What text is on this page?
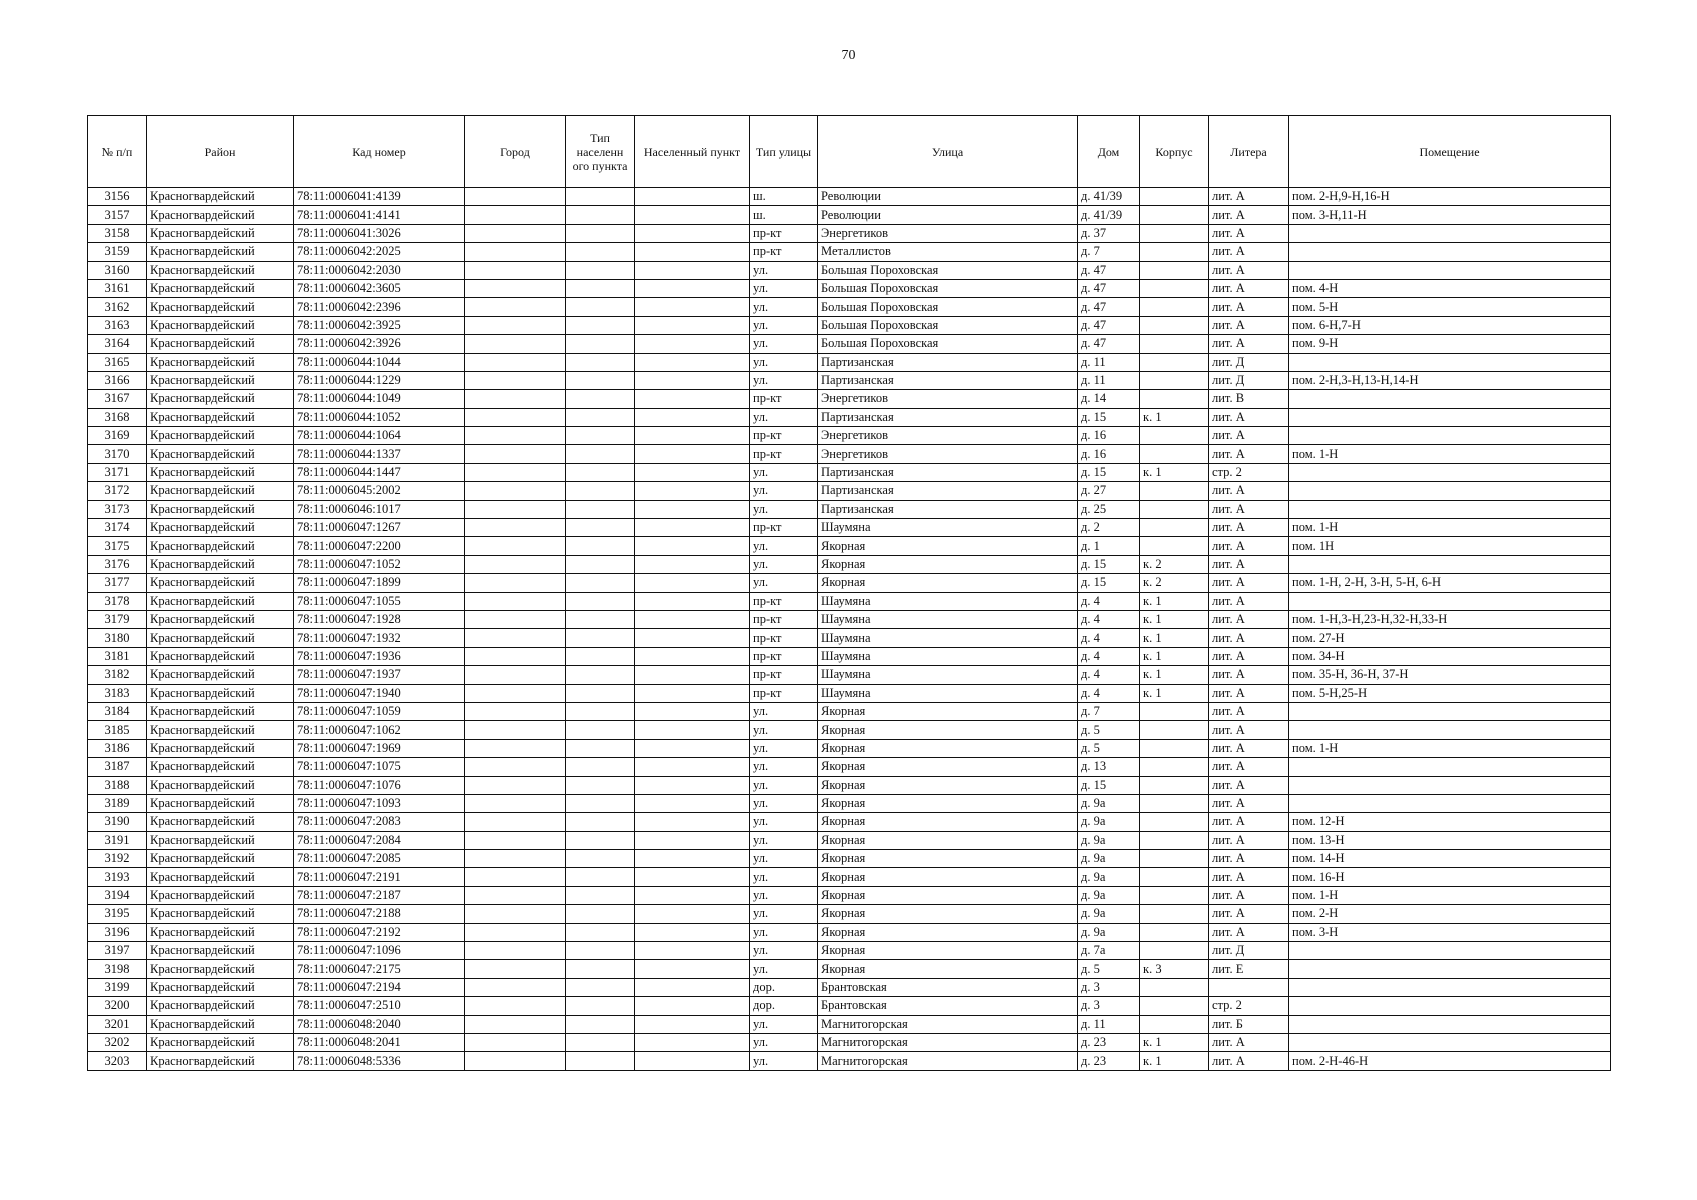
70
№ п/п	Район	Кад номер	Город	Тип населенн ого пункта	Населенный пункт	Тип улицы	Улица	Дом	Корпус	Литера	Помещение
3156	Красногвардейский	78:11:0006041:4139				ш.	Революции	д. 41/39		лит. А	пом. 2-Н,9-Н,16-Н
3157	Красногвардейский	78:11:0006041:4141				ш.	Революции	д. 41/39		лит. А	пом. 3-Н,11-Н
3158	Красногвардейский	78:11:0006041:3026				пр-кт	Энергетиков	д. 37		лит. А	
3159	Красногвардейский	78:11:0006042:2025				пр-кт	Металлистов	д. 7		лит. А	
3160	Красногвардейский	78:11:0006042:2030				ул.	Большая Пороховская	д. 47		лит. А	
3161	Красногвардейский	78:11:0006042:3605				ул.	Большая Пороховская	д. 47		лит. А	пом. 4-Н
3162	Красногвардейский	78:11:0006042:2396				ул.	Большая Пороховская	д. 47		лит. А	пом. 5-Н
3163	Красногвардейский	78:11:0006042:3925				ул.	Большая Пороховская	д. 47		лит. А	пом. 6-Н,7-Н
3164	Красногвардейский	78:11:0006042:3926				ул.	Большая Пороховская	д. 47		лит. А	пом. 9-Н
3165	Красногвардейский	78:11:0006044:1044				ул.	Партизанская	д. 11		лит. Д	
3166	Красногвардейский	78:11:0006044:1229				ул.	Партизанская	д. 11		лит. Д	пом. 2-Н,3-Н,13-Н,14-Н
3167	Красногвардейский	78:11:0006044:1049				пр-кт	Энергетиков	д. 14		лит. В	
3168	Красногвардейский	78:11:0006044:1052				ул.	Партизанская	д. 15	к. 1	лит. А	
3169	Красногвардейский	78:11:0006044:1064				пр-кт	Энергетиков	д. 16		лит. А	
3170	Красногвардейский	78:11:0006044:1337				пр-кт	Энергетиков	д. 16		лит. А	пом. 1-Н
3171	Красногвардейский	78:11:0006044:1447				ул.	Партизанская	д. 15	к. 1	стр. 2	
3172	Красногвардейский	78:11:0006045:2002				ул.	Партизанская	д. 27		лит. А	
3173	Красногвардейский	78:11:0006046:1017				ул.	Партизанская	д. 25		лит. А	
3174	Красногвардейский	78:11:0006047:1267				пр-кт	Шаумяна	д. 2		лит. А	пом. 1-Н
3175	Красногвардейский	78:11:0006047:2200				ул.	Якорная	д. 1		лит. А	пом. 1Н
3176	Красногвардейский	78:11:0006047:1052				ул.	Якорная	д. 15	к. 2	лит. А	
3177	Красногвардейский	78:11:0006047:1899				ул.	Якорная	д. 15	к. 2	лит. А	пом. 1-Н, 2-Н, 3-Н, 5-Н, 6-Н
3178	Красногвардейский	78:11:0006047:1055				пр-кт	Шаумяна	д. 4	к. 1	лит. А	
3179	Красногвардейский	78:11:0006047:1928				пр-кт	Шаумяна	д. 4	к. 1	лит. А	пом. 1-Н,3-Н,23-Н,32-Н,33-Н
3180	Красногвардейский	78:11:0006047:1932				пр-кт	Шаумяна	д. 4	к. 1	лит. А	пом. 27-Н
3181	Красногвардейский	78:11:0006047:1936				пр-кт	Шаумяна	д. 4	к. 1	лит. А	пом. 34-Н
3182	Красногвардейский	78:11:0006047:1937				пр-кт	Шаумяна	д. 4	к. 1	лит. А	пом. 35-Н, 36-Н, 37-Н
3183	Красногвардейский	78:11:0006047:1940				пр-кт	Шаумяна	д. 4	к. 1	лит. А	пом. 5-Н,25-Н
3184	Красногвардейский	78:11:0006047:1059				ул.	Якорная	д. 7		лит. А	
3185	Красногвардейский	78:11:0006047:1062				ул.	Якорная	д. 5		лит. А	
3186	Красногвардейский	78:11:0006047:1969				ул.	Якорная	д. 5		лит. А	пом. 1-Н
3187	Красногвардейский	78:11:0006047:1075				ул.	Якорная	д. 13		лит. А	
3188	Красногвардейский	78:11:0006047:1076				ул.	Якорная	д. 15		лит. А	
3189	Красногвардейский	78:11:0006047:1093				ул.	Якорная	д. 9а		лит. А	
3190	Красногвардейский	78:11:0006047:2083				ул.	Якорная	д. 9а		лит. А	пом. 12-Н
3191	Красногвардейский	78:11:0006047:2084				ул.	Якорная	д. 9а		лит. А	пом. 13-Н
3192	Красногвардейский	78:11:0006047:2085				ул.	Якорная	д. 9а		лит. А	пом. 14-Н
3193	Красногвардейский	78:11:0006047:2191				ул.	Якорная	д. 9а		лит. А	пом. 16-Н
3194	Красногвардейский	78:11:0006047:2187				ул.	Якорная	д. 9а		лит. А	пом. 1-Н
3195	Красногвардейский	78:11:0006047:2188				ул.	Якорная	д. 9а		лит. А	пом. 2-Н
3196	Красногвардейский	78:11:0006047:2192				ул.	Якорная	д. 9а		лит. А	пом. 3-Н
3197	Красногвардейский	78:11:0006047:1096				ул.	Якорная	д. 7а		лит. Д	
3198	Красногвардейский	78:11:0006047:2175				ул.	Якорная	д. 5	к. 3	лит. Е	
3199	Красногвардейский	78:11:0006047:2194				дор.	Брантовская	д. 3			
3200	Красногвардейский	78:11:0006047:2510				дор.	Брантовская	д. 3		стр. 2	
3201	Красногвардейский	78:11:0006048:2040				ул.	Магнитогорская	д. 11		лит. Б	
3202	Красногвардейский	78:11:0006048:2041				ул.	Магнитогорская	д. 23	к. 1	лит. А	
3203	Красногвардейский	78:11:0006048:5336				ул.	Магнитогорская	д. 23	к. 1	лит. А	пом. 2-Н-46-Н
